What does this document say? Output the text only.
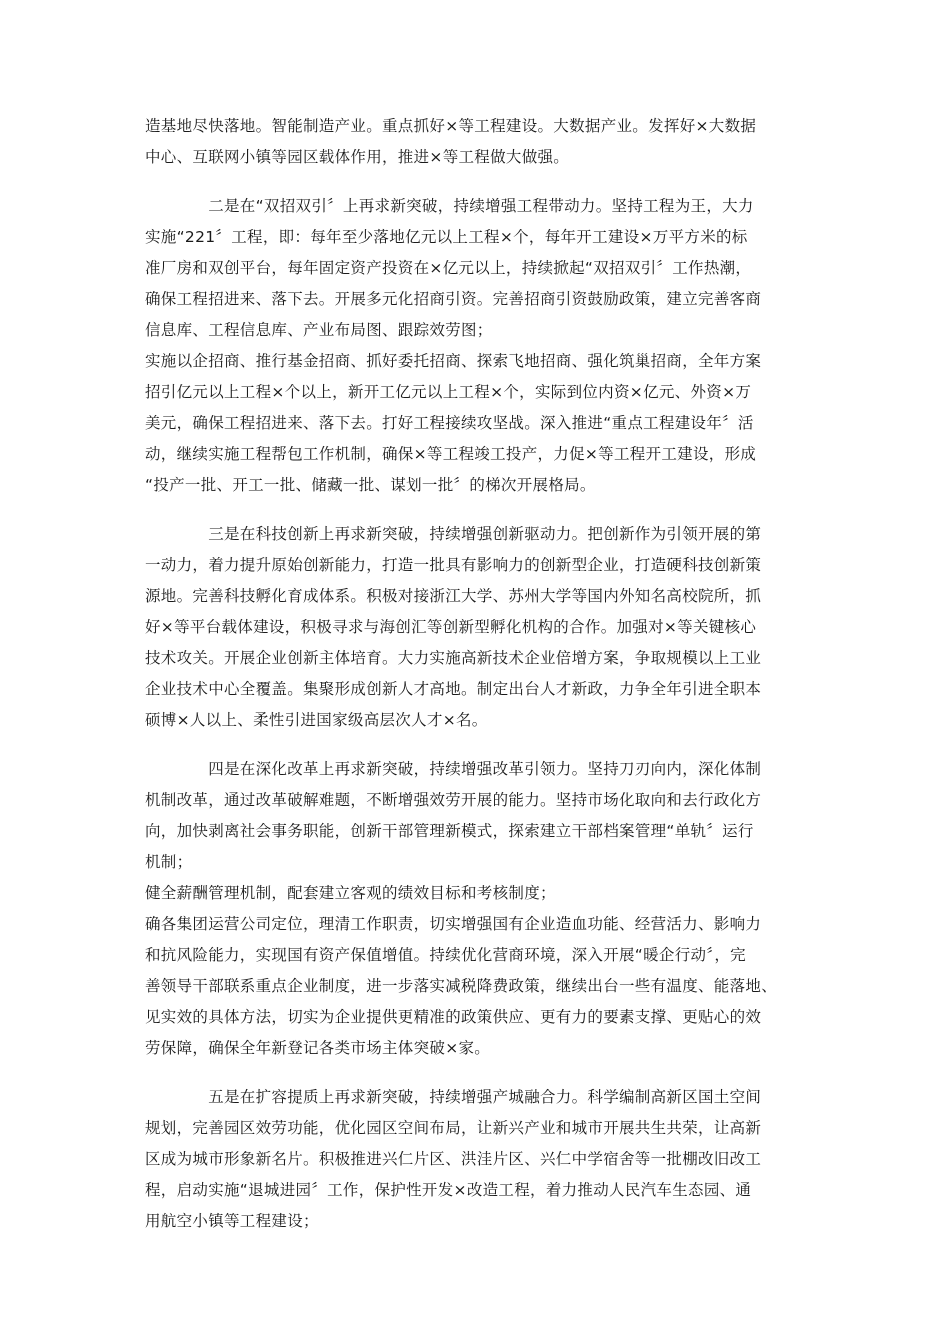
造基地尽快落地。智能制造产业。重点抓好×等工程建设。大数据产业。发挥好×大数据
中心、互联网小镇等园区载体作用，推进×等工程做大做强。

　　　　二是在“双招双引〞上再求新突破，持续增强工程带动力。坚持工程为王，大力
实施“221〞工程，即：每年至少落地亿元以上工程×个，每年开工建设×万平方米的标
准厂房和双创平台，每年固定资产投资在×亿元以上，持续掀起“双招双引〞工作热潮，
确保工程招进来、落下去。开展多元化招商引资。完善招商引资鼓励政策，建立完善客商
信息库、工程信息库、产业布局图、跟踪效劳图；
实施以企招商、推行基金招商、抓好委托招商、探索飞地招商、强化筑巢招商，全年方案
招引亿元以上工程×个以上，新开工亿元以上工程×个，实际到位内资×亿元、外资×万
美元，确保工程招进来、落下去。打好工程接续攻坚战。深入推进“重点工程建设年〞活
动，继续实施工程帮包工作机制，确保×等工程竣工投产，力促×等工程开工建设，形成
“投产一批、开工一批、储藏一批、谋划一批〞的梯次开展格局。

　　　　三是在科技创新上再求新突破，持续增强创新驱动力。把创新作为引领开展的第
一动力，着力提升原始创新能力，打造一批具有影响力的创新型企业，打造硬科技创新策
源地。完善科技孵化育成体系。积极对接浙江大学、苏州大学等国内外知名高校院所，抓
好×等平台载体建设，积极寻求与海创汇等创新型孵化机构的合作。加强对×等关键核心
技术攻关。开展企业创新主体培育。大力实施高新技术企业倍增方案，争取规模以上工业
企业技术中心全覆盖。集聚形成创新人才高地。制定出台人才新政，力争全年引进全职本
硕博×人以上、柔性引进国家级高层次人才×名。

　　　　四是在深化改革上再求新突破，持续增强改革引领力。坚持刀刃向内，深化体制
机制改革，通过改革破解难题，不断增强效劳开展的能力。坚持市场化取向和去行政化方
向，加快剥离社会事务职能，创新干部管理新模式，探索建立干部档案管理“单轨〞运行
机制；
健全薪酬管理机制，配套建立客观的绩效目标和考核制度；
确各集团运营公司定位，理清工作职责，切实增强国有企业造血功能、经营活力、影响力
和抗风险能力，实现国有资产保值增值。持续优化营商环境，深入开展“暖企行动〞，完
善领导干部联系重点企业制度，进一步落实减税降费政策，继续出台一些有温度、能落地、
见实效的具体方法，切实为企业提供更精准的政策供应、更有力的要素支撑、更贴心的效
劳保障，确保全年新登记各类市场主体突破×家。

　　　　五是在扩容提质上再求新突破，持续增强产城融合力。科学编制高新区国土空间
规划，完善园区效劳功能，优化园区空间布局，让新兴产业和城市开展共生共荣，让高新
区成为城市形象新名片。积极推进兴仁片区、洪洼片区、兴仁中学宿舍等一批棚改旧改工
程，启动实施“退城进园〞工作，保护性开发×改造工程，着力推动人民汽车生态园、通
用航空小镇等工程建设；
